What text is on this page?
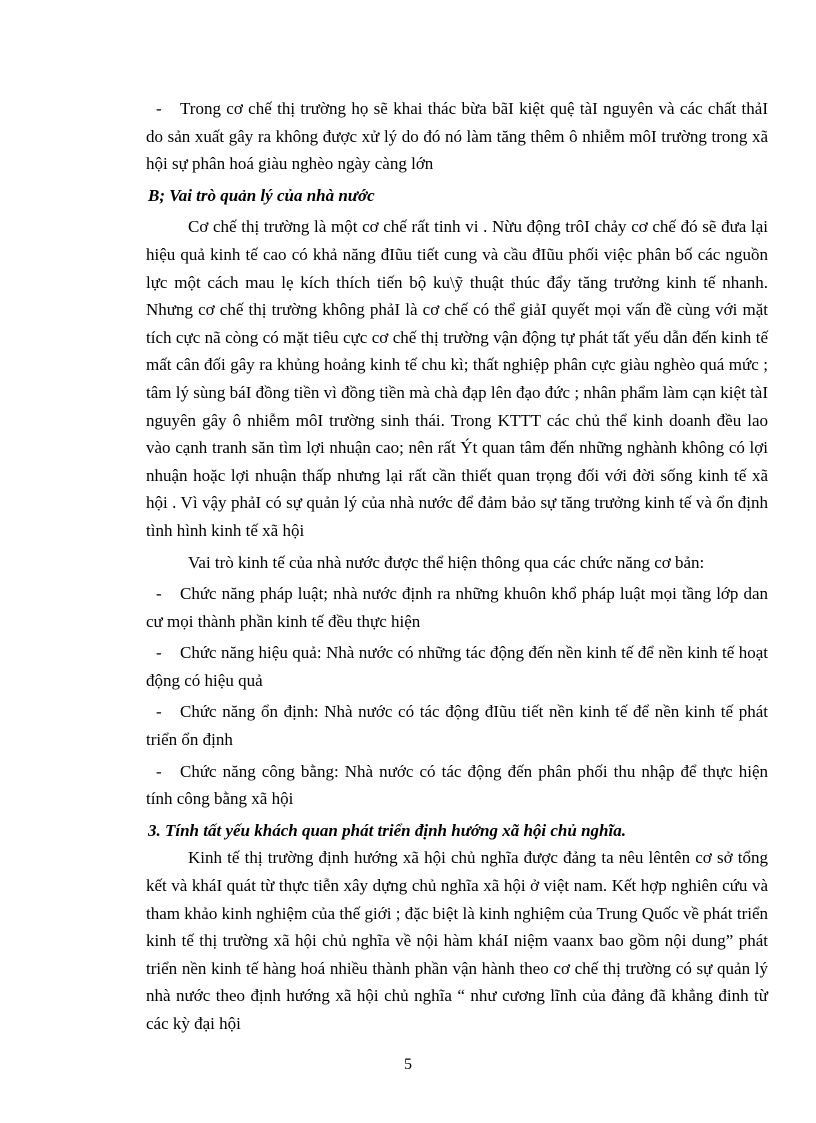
- Trong cơ chế thị trường họ sẽ khai thác bừa bãI kiệt quệ tàI nguyên và các chất thảI do sản xuất gây ra không được xử lý do đó nó làm tăng thêm ô nhiễm môI trường trong xã hội sự phân hoá giàu nghèo ngày càng lớn

B; Vai trò quản lý của nhà nước

Cơ chế thị trường là một cơ chế rất tinh vi . Nừu động trôI chảy cơ chế đó sẽ đưa lại hiệu quả kinh tế cao có khả năng đIũu tiết cung và cầu đIũu phối việc phân bố các nguồn lực một cách mau lẹ kích thích tiến bộ ku\ỹ thuật thúc đẩy tăng trưởng kinh tế nhanh. Nhưng cơ chế thị trường không phảI là cơ chế có thể giảI quyết mọi vấn đề cùng với mặt tích cực nã còng có mặt tiêu cực cơ chế thị trường vận động tự phát tất yếu dẫn đến kinh tế mất cân đối gây ra khủng hoảng kinh tế chu kì; thất nghiệp phân cực giàu nghèo quá mức ; tâm lý sùng báI đồng tiền vì đồng tiền mà chà đạp lên đạo đức ; nhân phẩm làm cạn kiệt tàI nguyên gây ô nhiễm môI trường sinh thái. Trong KTTT các chủ thể kinh doanh đều lao vào cạnh tranh săn tìm lợi nhuận cao; nên rất Ýt quan tâm đến những nghành không có lợi nhuận hoặc lợi nhuận thấp nhưng lại rất cần thiết quan trọng đối với đời sống kinh tế xã hội . Vì vậy phảI có sự quản lý của nhà nước để đảm bảo sự tăng trưởng kinh tế và ổn định tình hình kinh tế xã hội

Vai trò kinh tế của nhà nước được thể hiện thông qua các chức năng cơ bản:

- Chức năng pháp luật; nhà nước định ra những khuôn khổ pháp luật mọi tầng lớp dan cư mọi thành phần kinh tế đều thực hiện

- Chức năng hiệu quả: Nhà nước có những tác động đến nền kinh tế để nền kinh tế hoạt động có hiệu quả

- Chức năng ổn định: Nhà nước có tác động đIũu tiết nền kinh tế để nền kinh tế phát triển ổn định

- Chức năng công bằng: Nhà nước có tác động đến phân phối thu nhập để thực hiện tính công bằng xã hội

3. Tính tất yếu khách quan phát triển định hướng xã hội chủ nghĩa.

Kinh tế thị trường định hướng xã hội chủ nghĩa được đảng ta nêu lêntên cơ sở tổng kết và kháI quát từ thực tiễn xây dựng chủ nghĩa xã hội ở việt nam. Kết hợp nghiên cứu và tham khảo kinh nghiệm của thế giới ; đặc biệt là kinh nghiệm của Trung Quốc về phát triển kinh tế thị trường xã hội chủ nghĩa về nội hàm kháI niệm vaanx bao gồm nội dung” phát triển nền kinh tế hàng hoá nhiều thành phần vận hành theo cơ chế thị trường có sự quản lý nhà nước theo định hướng xã hội chủ nghĩa “ như cương lĩnh của đảng đã khẳng đinh từ các kỳ đại hội

5
